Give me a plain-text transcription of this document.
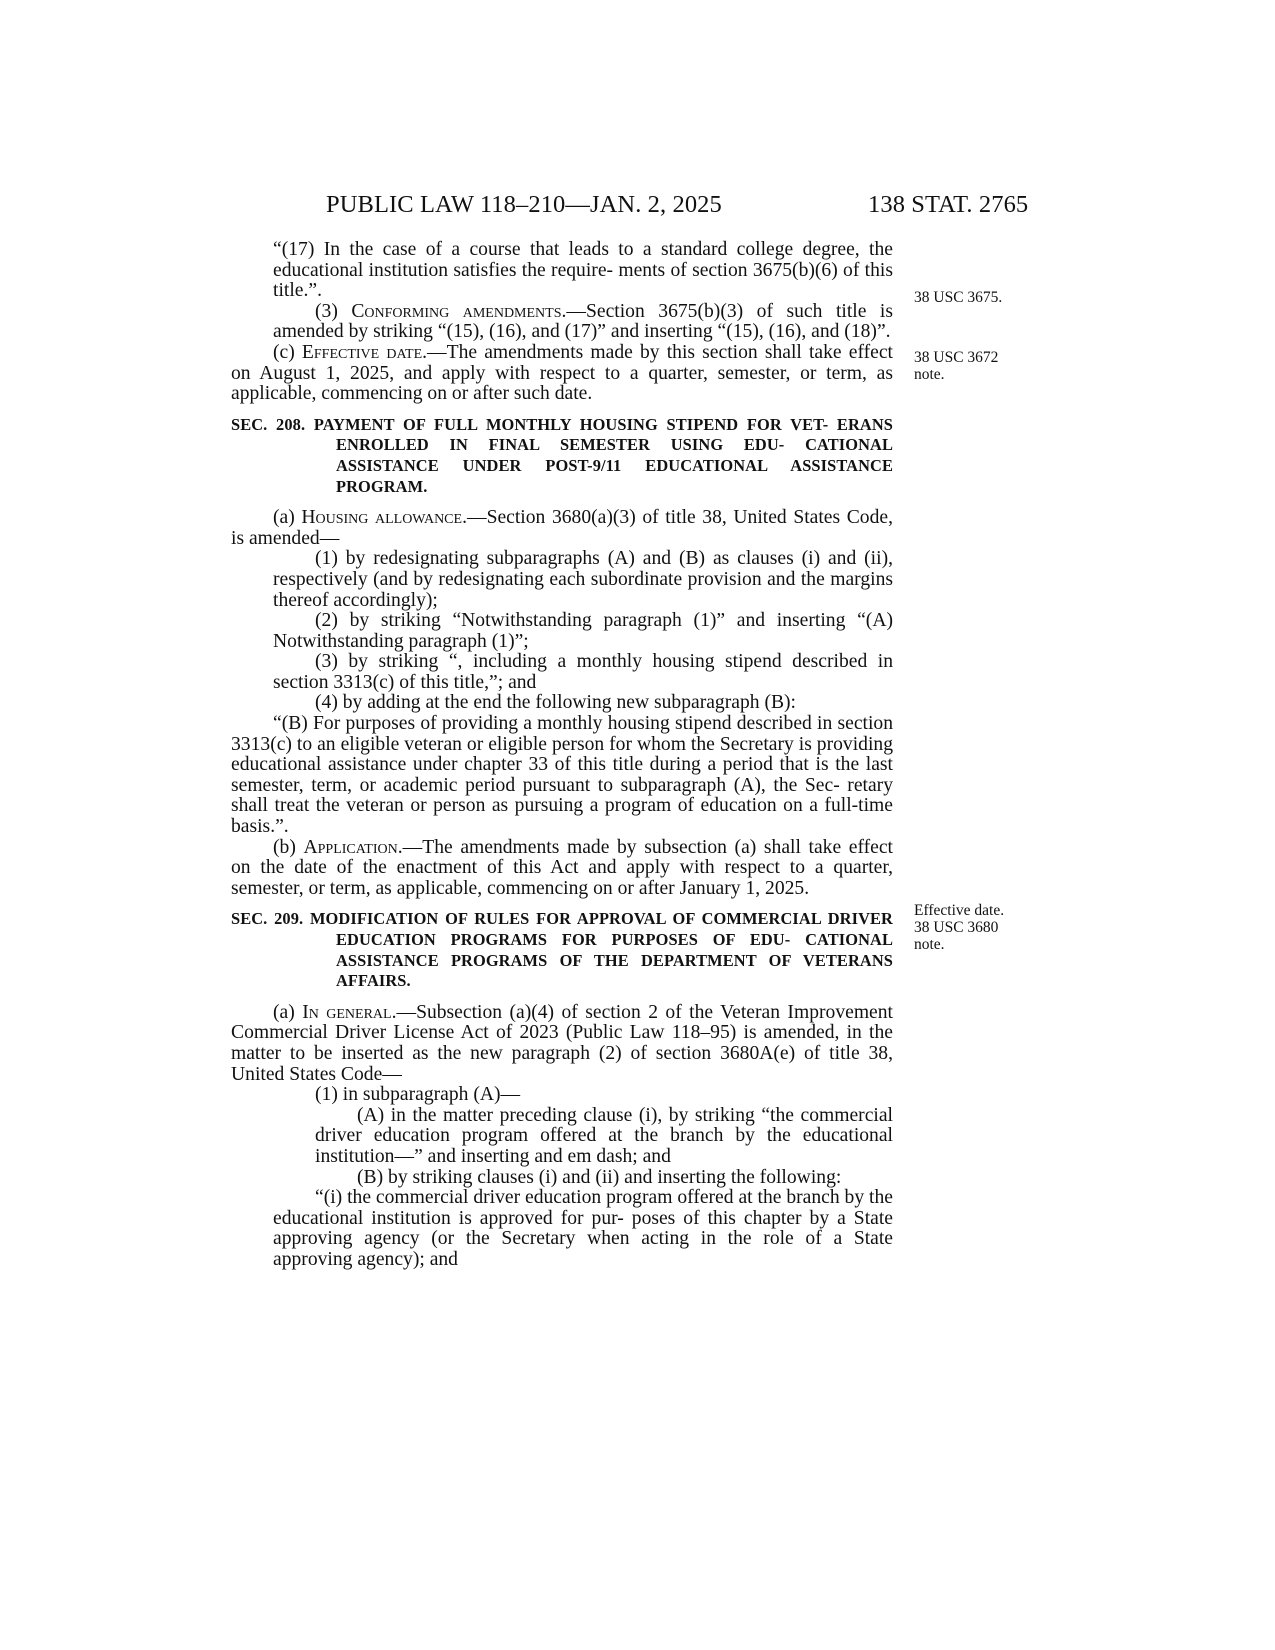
PUBLIC LAW 118–210—JAN. 2, 2025	138 STAT. 2765
38 USC 3675.
38 USC 3672
note.
Effective date.
38 USC 3680
note.

“(17) In the case of a course that leads to a standard college degree, the educational institution satisfies the require- ments of section 3675(b)(6) of this title.”.

(3) Conforming amendments.—Section 3675(b)(3) of such title is amended by striking “(15), (16), and (17)” and inserting “(15), (16), and (18)”.

(c) Effective date.—The amendments made by this section shall take effect on August 1, 2025, and apply with respect to a quarter, semester, or term, as applicable, commencing on or after such date.

SEC. 208. PAYMENT OF FULL MONTHLY HOUSING STIPEND FOR VET- ERANS ENROLLED IN FINAL SEMESTER USING EDU- CATIONAL ASSISTANCE UNDER POST-9/11 EDUCATIONAL ASSISTANCE PROGRAM.

(a) Housing allowance.—Section 3680(a)(3) of title 38, United States Code, is amended—

(1) by redesignating subparagraphs (A) and (B) as clauses (i) and (ii), respectively (and by redesignating each subordinate provision and the margins thereof accordingly);

(2) by striking “Notwithstanding paragraph (1)” and inserting “(A) Notwithstanding paragraph (1)”;

(3) by striking “, including a monthly housing stipend described in section 3313(c) of this title,”; and

(4) by adding at the end the following new subparagraph (B):

“(B) For purposes of providing a monthly housing stipend described in section 3313(c) to an eligible veteran or eligible person for whom the Secretary is providing educational assistance under chapter 33 of this title during a period that is the last semester, term, or academic period pursuant to subparagraph (A), the Sec- retary shall treat the veteran or person as pursuing a program of education on a full-time basis.”.

(b) Application.—The amendments made by subsection (a) shall take effect on the date of the enactment of this Act and apply with respect to a quarter, semester, or term, as applicable, commencing on or after January 1, 2025.

SEC. 209. MODIFICATION OF RULES FOR APPROVAL OF COMMERCIAL DRIVER EDUCATION PROGRAMS FOR PURPOSES OF EDU- CATIONAL ASSISTANCE PROGRAMS OF THE DEPARTMENT OF VETERANS AFFAIRS.

(a) In general.—Subsection (a)(4) of section 2 of the Veteran Improvement Commercial Driver License Act of 2023 (Public Law 118–95) is amended, in the matter to be inserted as the new paragraph (2) of section 3680A(e) of title 38, United States Code—

(1) in subparagraph (A)—

(A) in the matter preceding clause (i), by striking “the commercial driver education program offered at the branch by the educational institution—” and inserting and em dash; and

(B) by striking clauses (i) and (ii) and inserting the following:

“(i) the commercial driver education program offered at the branch by the educational institution is approved for pur- poses of this chapter by a State approving agency (or the Secretary when acting in the role of a State approving agency); and
